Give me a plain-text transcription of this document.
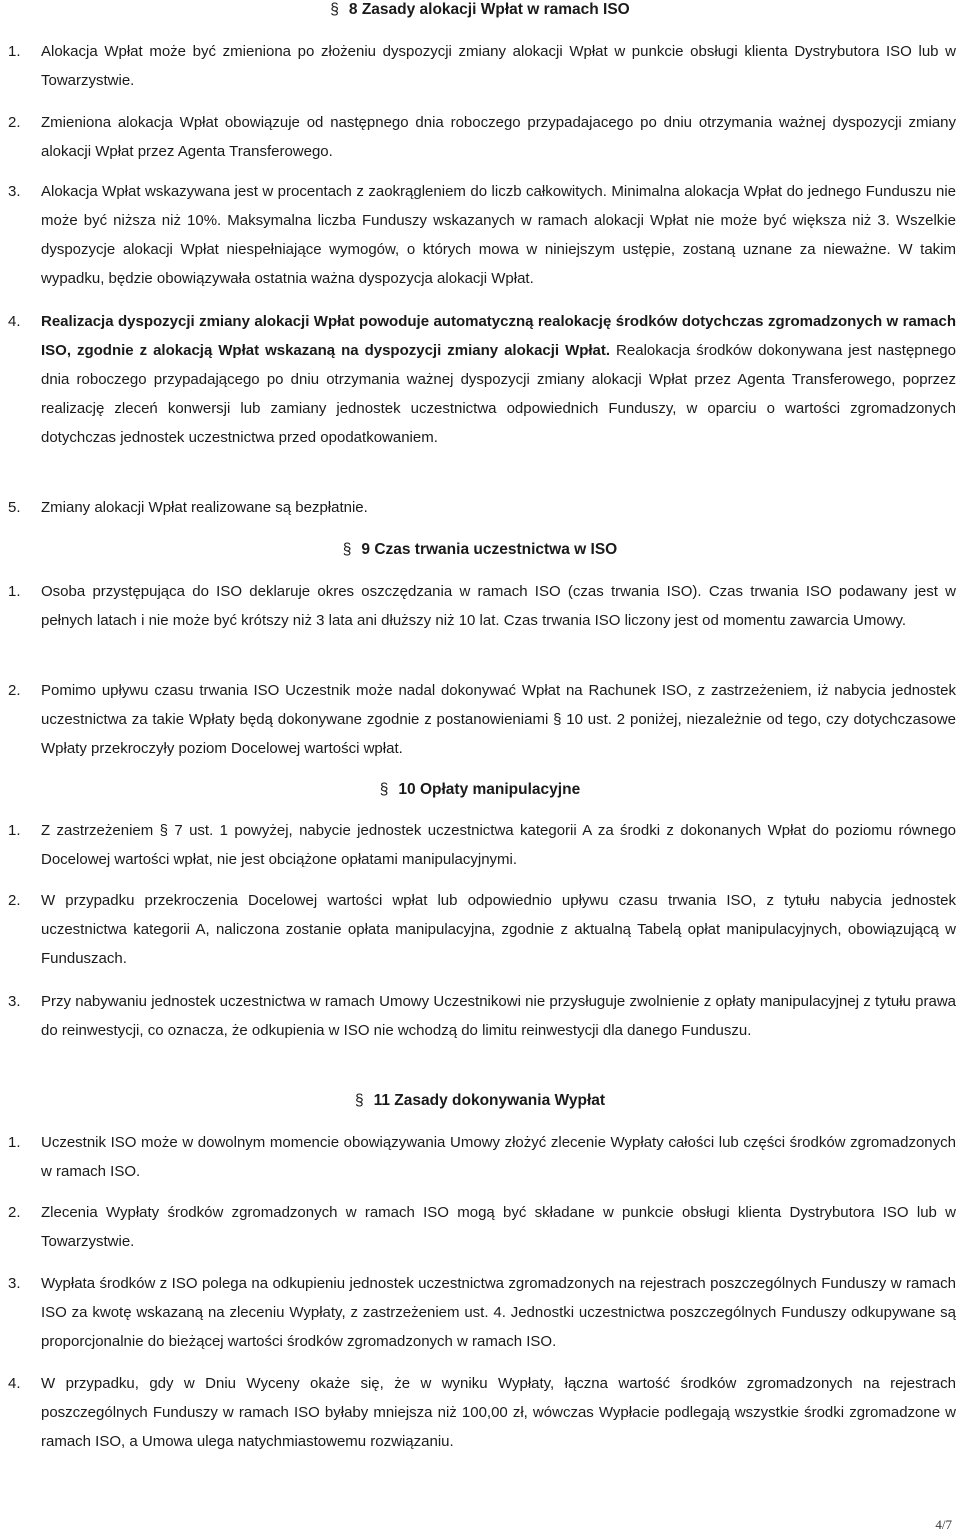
§ 8 Zasady alokacji Wpłat w ramach ISO
1.	Alokacja Wpłat może być zmieniona po złożeniu dyspozycji zmiany alokacji Wpłat w punkcie obsługi klienta Dystrybutora ISO lub w Towarzystwie.
2.	Zmieniona alokacja Wpłat obowiązuje od następnego dnia roboczego przypadajacego po dniu otrzymania ważnej dyspozycji zmiany alokacji Wpłat przez Agenta Transferowego.
3.	Alokacja Wpłat wskazywana jest w procentach z zaokrągleniem do liczb całkowitych. Minimalna alokacja Wpłat do jednego Funduszu nie może być niższa niż 10%. Maksymalna liczba Funduszy wskazanych w ramach alokacji Wpłat nie może być większa niż 3. Wszelkie dyspozycje alokacji Wpłat niespełniające wymogów, o których mowa w niniejszym ustępie, zostaną uznane za nieważne. W takim wypadku, będzie obowiązywała ostatnia ważna dyspozycja alokacji Wpłat.
4.	Realizacja dyspozycji zmiany alokacji Wpłat powoduje automatyczną realokację środków dotychczas zgromadzonych w ramach ISO, zgodnie z alokacją Wpłat wskazaną na dyspozycji zmiany alokacji Wpłat. Realokacja środków dokonywana jest następnego dnia roboczego przypadającego po dniu otrzymania ważnej dyspozycji zmiany alokacji Wpłat przez Agenta Transferowego, poprzez realizację zleceń konwersji lub zamiany jednostek uczestnictwa odpowiednich Funduszy, w oparciu o wartości zgromadzonych dotychczas jednostek uczestnictwa przed opodatkowaniem.
5.	Zmiany alokacji Wpłat realizowane są bezpłatnie.
§ 9 Czas trwania uczestnictwa w ISO
1.	Osoba przystępująca do ISO deklaruje okres oszczędzania w ramach ISO (czas trwania ISO). Czas trwania ISO podawany jest w pełnych latach i nie może być krótszy niż 3 lata ani dłuższy niż 10 lat. Czas trwania ISO liczony jest od momentu zawarcia Umowy.
2.	Pomimo upływu czasu trwania ISO Uczestnik może nadal dokonywać Wpłat na Rachunek ISO, z zastrzeżeniem, iż nabycia jednostek uczestnictwa za takie Wpłaty będą dokonywane zgodnie z postanowieniami § 10 ust. 2 poniżej, niezależnie od tego, czy dotychczasowe Wpłaty przekroczyły poziom Docelowej wartości wpłat.
§ 10 Opłaty manipulacyjne
1.	Z zastrzeżeniem § 7 ust. 1 powyżej, nabycie jednostek uczestnictwa kategorii A za środki z dokonanych Wpłat do poziomu równego Docelowej wartości wpłat, nie jest obciążone opłatami manipulacyjnymi.
2.	W przypadku przekroczenia Docelowej wartości wpłat lub odpowiednio upływu czasu trwania ISO, z tytułu nabycia jednostek uczestnictwa kategorii A, naliczona zostanie opłata manipulacyjna, zgodnie z aktualną Tabelą opłat manipulacyjnych, obowiązującą w Funduszach.
3.	Przy nabywaniu jednostek uczestnictwa w ramach Umowy Uczestnikowi nie przysługuje zwolnienie z opłaty manipulacyjnej z tytułu prawa do reinwestycji, co oznacza, że odkupienia w ISO nie wchodzą do limitu reinwestycji dla danego Funduszu.
§ 11 Zasady dokonywania Wypłat
1.	Uczestnik ISO może w dowolnym momencie obowiązywania Umowy złożyć zlecenie Wypłaty całości lub części środków zgromadzonych w ramach ISO.
2.	Zlecenia Wypłaty środków zgromadzonych w ramach ISO mogą być składane w punkcie obsługi klienta Dystrybutora ISO lub w Towarzystwie.
3.	Wypłata środków z ISO polega na odkupieniu jednostek uczestnictwa zgromadzonych na rejestrach poszczególnych Funduszy w ramach ISO za kwotę wskazaną na zleceniu Wypłaty, z zastrzeżeniem ust. 4. Jednostki uczestnictwa poszczególnych Funduszy odkupywane są proporcjonalnie do bieżącej wartości środków zgromadzonych w ramach ISO.
4.	W przypadku, gdy w Dniu Wyceny okaże się, że w wyniku Wypłaty, łączna wartość środków zgromadzonych na rejestrach poszczególnych Funduszy w ramach ISO byłaby mniejsza niż 100,00 zł, wówczas Wypłacie podlegają wszystkie środki zgromadzone w ramach ISO, a Umowa ulega natychmiastowemu rozwiązaniu.
4/7
